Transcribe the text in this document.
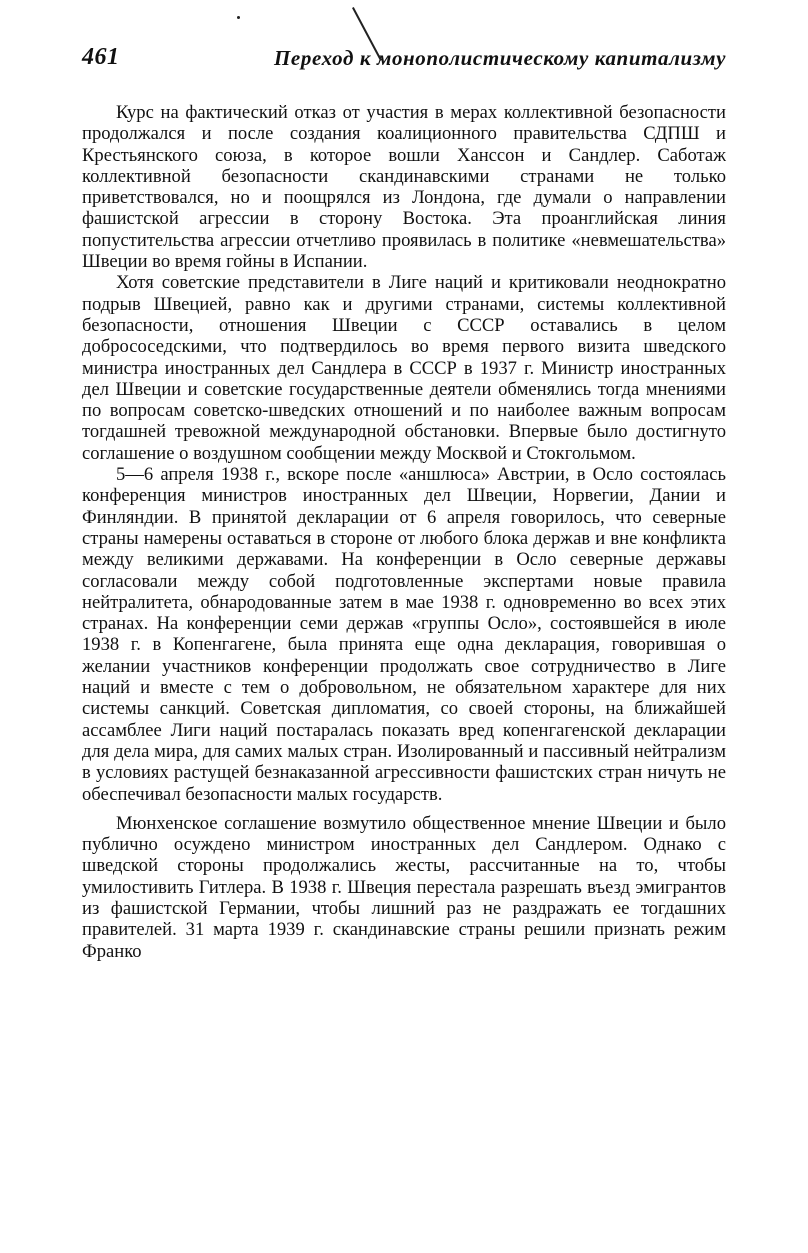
461	Переход к монополистическому капитализму

Курс на фактический отказ от участия в мерах коллективной безопасности продолжался и после создания коалиционного правительства СДПШ и Крестьянского союза, в которое вошли Ханссон и Сандлер. Саботаж коллективной безопасности скандинавскими странами не только приветствовался, но и поощрялся из Лондона, где думали о направлении фашистской агрессии в сторону Востока. Эта проанглийская линия попустительства агрессии отчетливо проявилась в политике «невмешательства» Швеции во время гойны в Испании.

Хотя советские представители в Лиге наций и критиковали неоднократно подрыв Швецией, равно как и другими странами, системы коллективной безопасности, отношения Швеции с СССР оставались в целом добрососедскими, что подтвердилось во время первого визита шведского министра иностранных дел Сандлера в СССР в 1937 г. Министр иностранных дел Швеции и советские государственные деятели обменялись тогда мнениями по вопросам советско-шведских отношений и по наиболее важным вопросам тогдашней тревожной международной обстановки. Впервые было достигнуто соглашение о воздушном сообщении между Москвой и Стокгольмом.

5—6 апреля 1938 г., вскоре после «аншлюса» Австрии, в Осло состоялась конференция министров иностранных дел Швеции, Норвегии, Дании и Финляндии. В принятой декларации от 6 апреля говорилось, что северные страны намерены оставаться в стороне от любого блока держав и вне конфликта между великими державами. На конференции в Осло северные державы согласовали между собой подготовленные экспертами новые правила нейтралитета, обнародованные затем в мае 1938 г. одновременно во всех этих странах. На конференции семи держав «группы Осло», состоявшейся в июле 1938 г. в Копенгагене, была принята еще одна декларация, говорившая о желании участников конференции продолжать свое сотрудничество в Лиге наций и вместе с тем о добровольном, не обязательном характере для них системы санкций. Советская дипломатия, со своей стороны, на ближайшей ассамблее Лиги наций постаралась показать вред копенгагенской декларации для дела мира, для самих малых стран. Изолированный и пассивный нейтрализм в условиях растущей безнаказанной агрессивности фашистских стран ничуть не обеспечивал безопасности малых государств.

Мюнхенское соглашение возмутило общественное мнение Швеции и было публично осуждено министром иностранных дел Сандлером. Однако с шведской стороны продолжались жесты, рассчитанные на то, чтобы умилостивить Гитлера. В 1938 г. Швеция перестала разрешать въезд эмигрантов из фашистской Германии, чтобы лишний раз не раздражать ее тогдашних правителей. 31 марта 1939 г. скандинавские страны решили признать режим Франко
